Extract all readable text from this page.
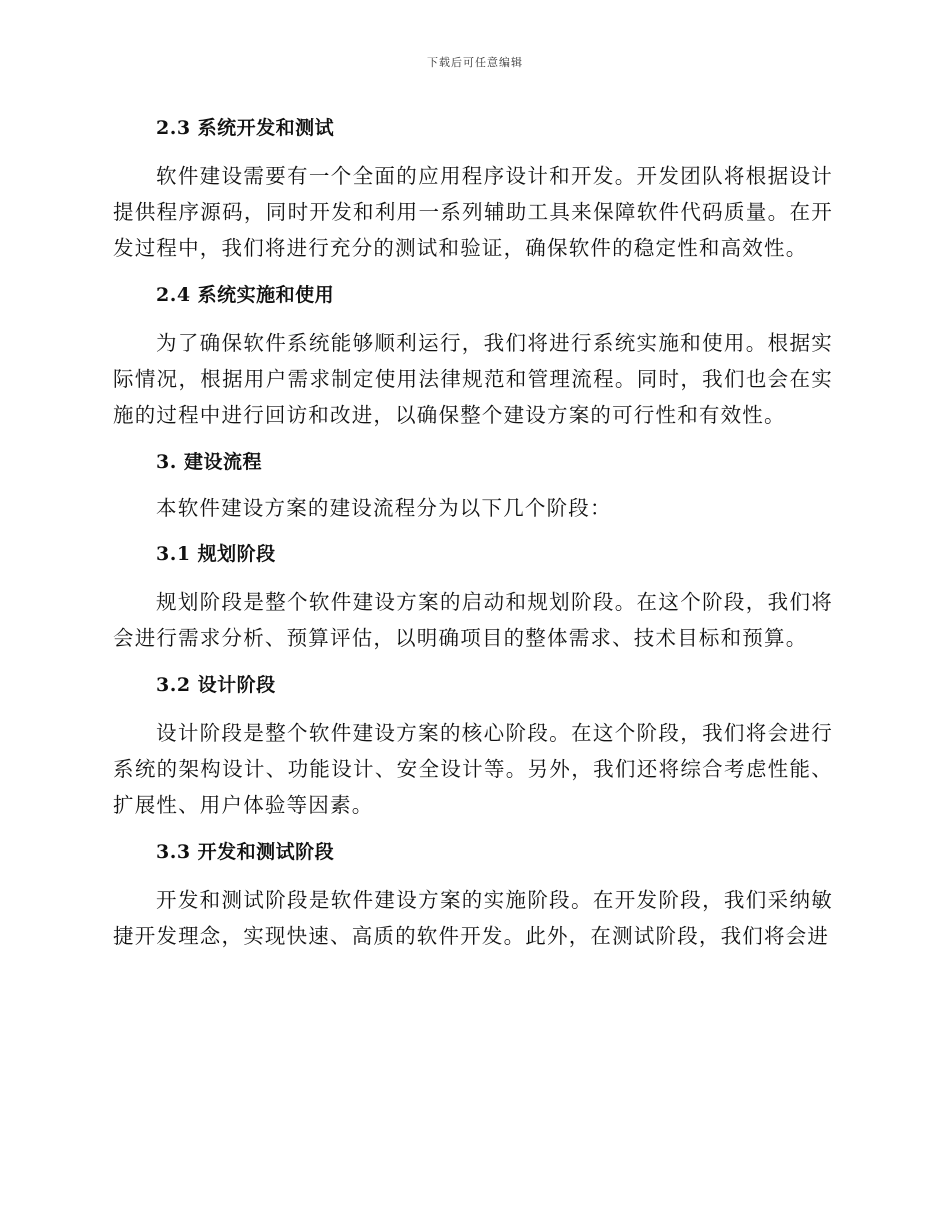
下载后可任意编辑
2.3 系统开发和测试

软件建设需要有一个全面的应用程序设计和开发。开发团队将根据设计提供程序源码，同时开发和利用一系列辅助工具来保障软件代码质量。在开发过程中，我们将进行充分的测试和验证，确保软件的稳定性和高效性。

2.4 系统实施和使用

为了确保软件系统能够顺利运行，我们将进行系统实施和使用。根据实际情况，根据用户需求制定使用法律规范和管理流程。同时，我们也会在实施的过程中进行回访和改进，以确保整个建设方案的可行性和有效性。

3. 建设流程

本软件建设方案的建设流程分为以下几个阶段：

3.1 规划阶段

规划阶段是整个软件建设方案的启动和规划阶段。在这个阶段，我们将会进行需求分析、预算评估，以明确项目的整体需求、技术目标和预算。

3.2 设计阶段

设计阶段是整个软件建设方案的核心阶段。在这个阶段，我们将会进行系统的架构设计、功能设计、安全设计等。另外，我们还将综合考虑性能、扩展性、用户体验等因素。

3.3 开发和测试阶段

开发和测试阶段是软件建设方案的实施阶段。在开发阶段，我们采纳敏捷开发理念，实现快速、高质的软件开发。此外，在测试阶段，我们将会进
